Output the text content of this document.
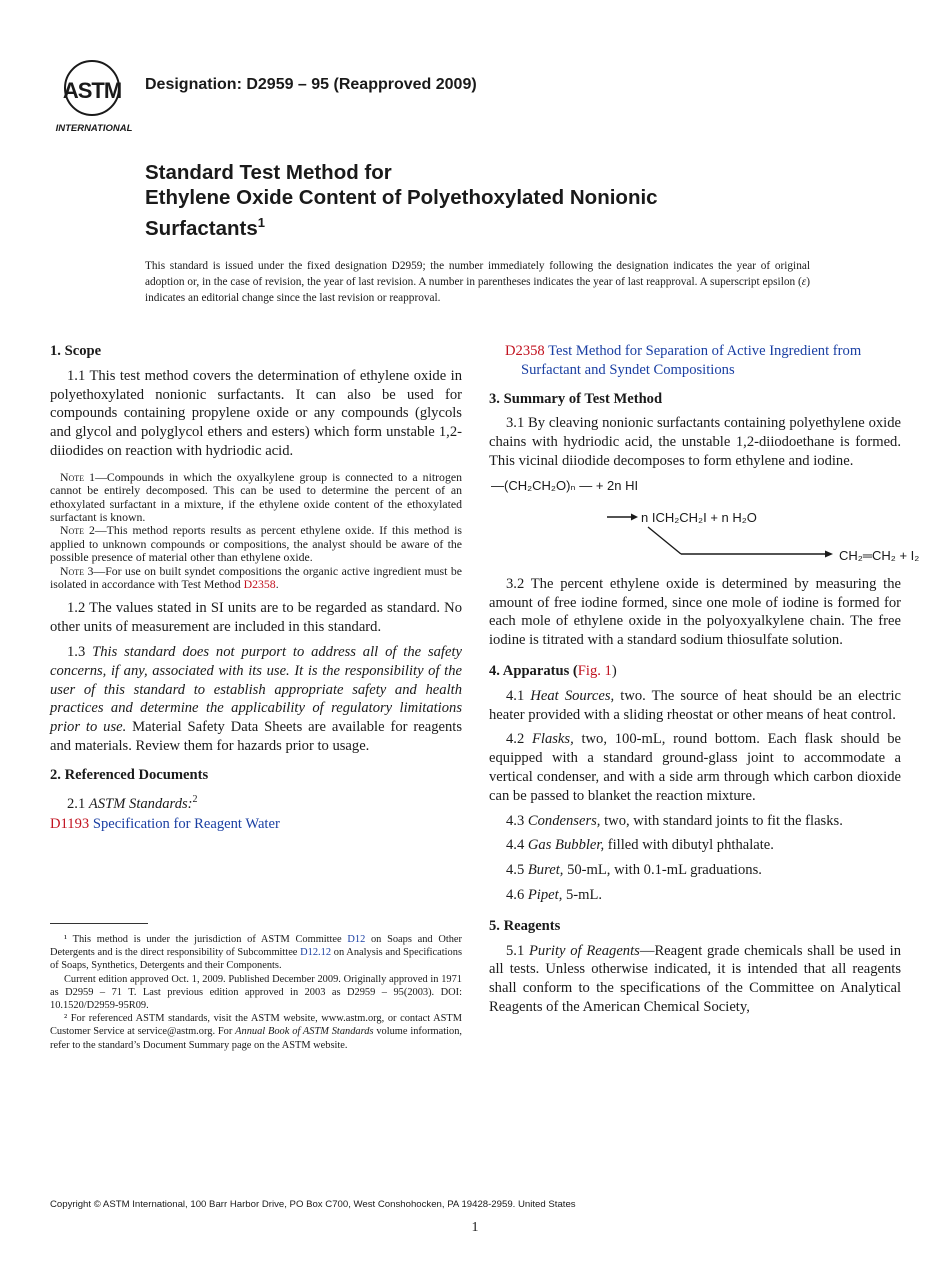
ASTM
INTERNATIONAL
Designation: D2959 – 95 (Reapproved 2009)
Standard Test Method for
Ethylene Oxide Content of Polyethoxylated Nonionic
Surfactants$^1$
This standard is issued under the fixed designation D2959; the number immediately following the designation indicates the year of original adoption or, in the case of revision, the year of last revision. A number in parentheses indicates the year of last reapproval. A superscript epsilon (ε) indicates an editorial change since the last revision or reapproval.
1. Scope

1.1 This test method covers the determination of ethylene oxide in polyethoxylated nonionic surfactants. It can also be used for compounds containing propylene oxide or any compounds (glycols and glycol and polyglycol ethers and esters) which form unstable 1,2-diiodides on reaction with hydriodic acid.

Note 1—Compounds in which the oxyalkylene group is connected to a nitrogen cannot be entirely decomposed. This can be used to determine the percent of an ethoxylated surfactant in a mixture, if the ethylene oxide content of the ethoxylated surfactant is known.

Note 2—This method reports results as percent ethylene oxide. If this method is applied to unknown compounds or compositions, the analyst should be aware of the possible presence of material other than ethylene oxide.

Note 3—For use on built syndet compositions the organic active ingredient must be isolated in accordance with Test Method D2358.

1.2 The values stated in SI units are to be regarded as standard. No other units of measurement are included in this standard.

1.3 This standard does not purport to address all of the safety concerns, if any, associated with its use. It is the responsibility of the user of this standard to establish appropriate safety and health practices and determine the applicability of regulatory limitations prior to use. Material Safety Data Sheets are available for reagents and materials. Review them for hazards prior to usage.

2. Referenced Documents

2.1 ASTM Standards:$^2$

D1193 Specification for Reagent Water

¹ This method is under the jurisdiction of ASTM Committee D12 on Soaps and Other Detergents and is the direct responsibility of Subcommittee D12.12 on Analysis and Specifications of Soaps, Synthetics, Detergents and their Components.

Current edition approved Oct. 1, 2009. Published December 2009. Originally approved in 1971 as D2959 – 71 T. Last previous edition approved in 2003 as D2959 – 95(2003). DOI: 10.1520/D2959-95R09.

² For referenced ASTM standards, visit the ASTM website, www.astm.org, or contact ASTM Customer Service at service@astm.org. For Annual Book of ASTM Standards volume information, refer to the standard’s Document Summary page on the ASTM website.

D2358 Test Method for Separation of Active Ingredient from Surfactant and Syndet Compositions

3. Summary of Test Method

3.1 By cleaving nonionic surfactants containing polyethylene oxide chains with hydriodic acid, the unstable 1,2-diiodoethane is formed. This vicinal diiodide decomposes to form ethylene and iodine.

—(CH₂CH₂O)ₙ — + 2n HI
n ICH₂CH₂I + n H₂O
CH₂═CH₂ + I₂

3.2 The percent ethylene oxide is determined by measuring the amount of free iodine formed, since one mole of iodine is formed for each mole of ethylene oxide in the polyoxyalkylene chain. The free iodine is titrated with a standard sodium thiosulfate solution.

4. Apparatus (Fig. 1)

4.1 Heat Sources, two. The source of heat should be an electric heater provided with a sliding rheostat or other means of heat control.

4.2 Flasks, two, 100-mL, round bottom. Each flask should be equipped with a standard ground-glass joint to accommodate a vertical condenser, and with a side arm through which carbon dioxide can be passed to blanket the reaction mixture.

4.3 Condensers, two, with standard joints to fit the flasks.

4.4 Gas Bubbler, filled with dibutyl phthalate.

4.5 Buret, 50-mL, with 0.1-mL graduations.

4.6 Pipet, 5-mL.

5. Reagents

5.1 Purity of Reagents—Reagent grade chemicals shall be used in all tests. Unless otherwise indicated, it is intended that all reagents shall conform to the specifications of the Committee on Analytical Reagents of the American Chemical Society,

Copyright © ASTM International, 100 Barr Harbor Drive, PO Box C700, West Conshohocken, PA 19428-2959. United States
1
